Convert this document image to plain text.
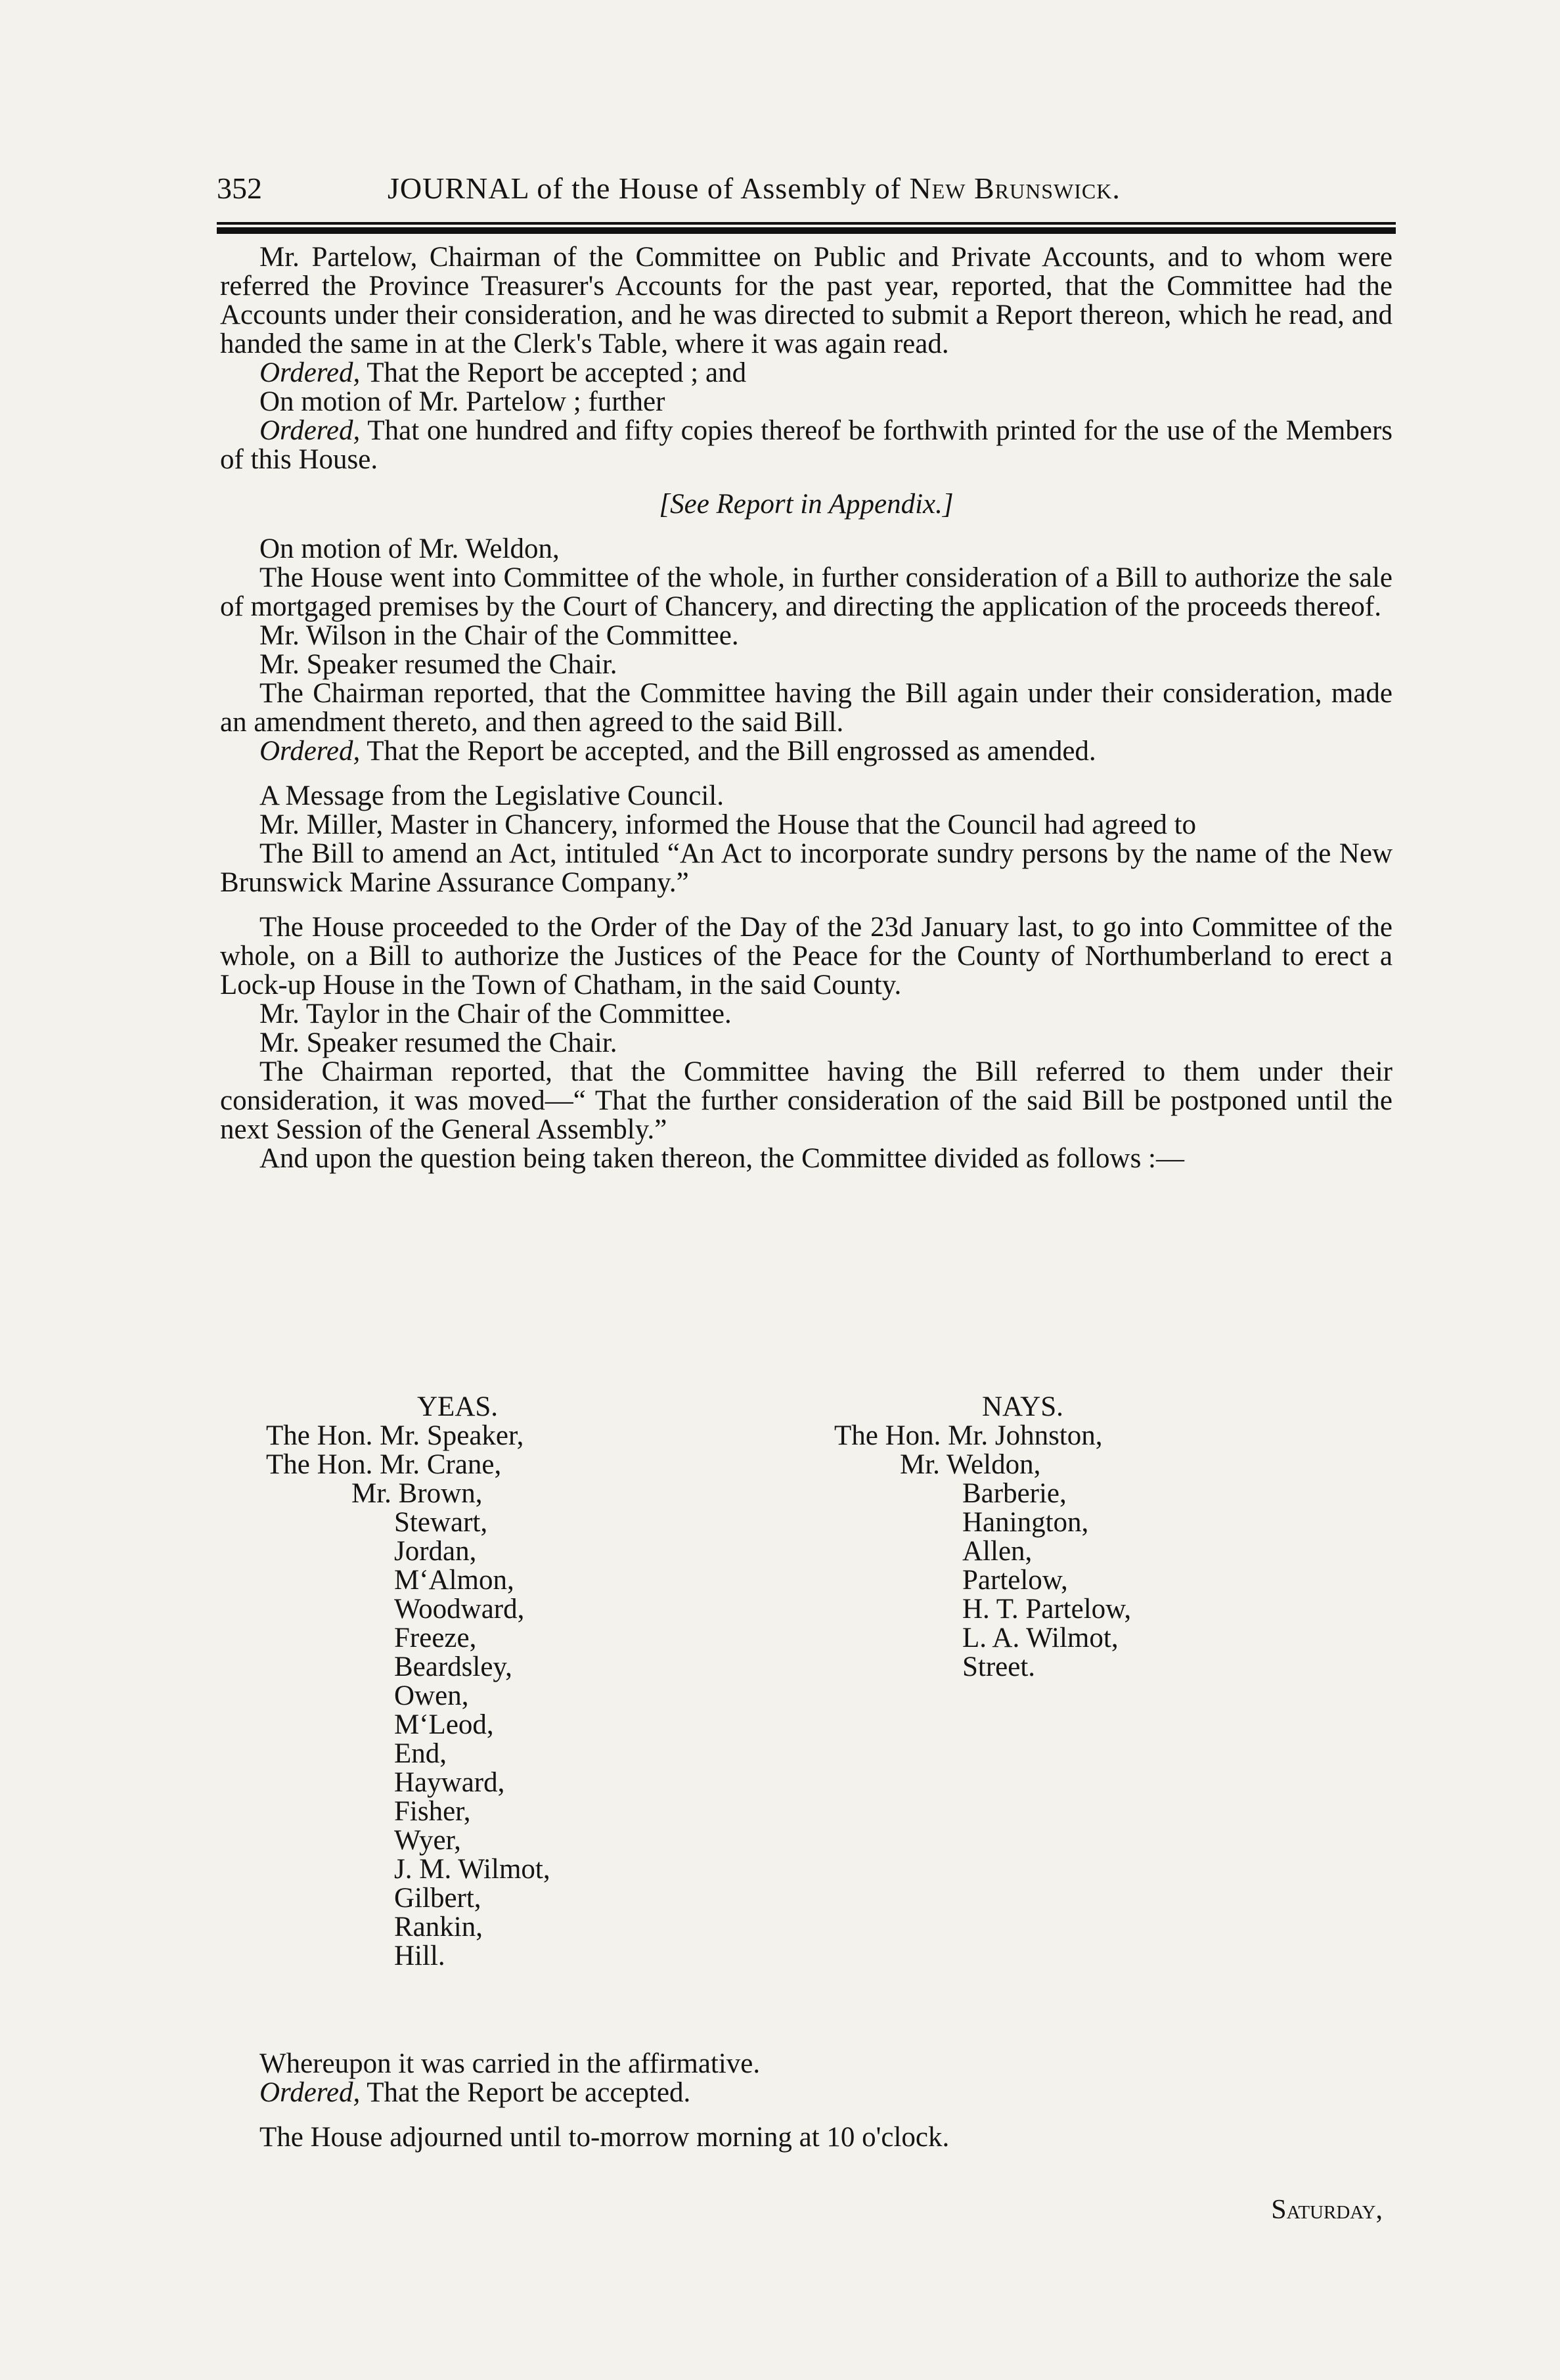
352	JOURNAL of the House of Assembly of New Brunswick.

Mr. Partelow, Chairman of the Committee on Public and Private Accounts, and to whom were referred the Province Treasurer's Accounts for the past year, reported, that the Committee had the Accounts under their consideration, and he was directed to submit a Report thereon, which he read, and handed the same in at the Clerk's Table, where it was again read.

Ordered, That the Report be accepted ; and

On motion of Mr. Partelow ; further

Ordered, That one hundred and fifty copies thereof be forthwith printed for the use of the Members of this House.

[See Report in Appendix.]

On motion of Mr. Weldon,

The House went into Committee of the whole, in further consideration of a Bill to authorize the sale of mortgaged premises by the Court of Chancery, and directing the application of the proceeds thereof.

Mr. Wilson in the Chair of the Committee.

Mr. Speaker resumed the Chair.

The Chairman reported, that the Committee having the Bill again under their consideration, made an amendment thereto, and then agreed to the said Bill.

Ordered, That the Report be accepted, and the Bill engrossed as amended.

A Message from the Legislative Council.

Mr. Miller, Master in Chancery, informed the House that the Council had agreed to

The Bill to amend an Act, intituled “An Act to incorporate sundry persons by the name of the New Brunswick Marine Assurance Company.”

The House proceeded to the Order of the Day of the 23d January last, to go into Committee of the whole, on a Bill to authorize the Justices of the Peace for the County of Northumberland to erect a Lock-up House in the Town of Chatham, in the said County.

Mr. Taylor in the Chair of the Committee.

Mr. Speaker resumed the Chair.

The Chairman reported, that the Committee having the Bill referred to them under their consideration, it was moved—“ That the further consideration of the said Bill be postponed until the next Session of the General Assembly.”

And upon the question being taken thereon, the Committee divided as follows :—

YEAS.
The Hon. Mr. Speaker,
The Hon. Mr. Crane,
Mr. Brown,
Stewart,
Jordan,
M‘Almon,
Woodward,
Freeze,
Beardsley,
Owen,
M‘Leod,
End,
Hayward,
Fisher,
Wyer,
J. M. Wilmot,
Gilbert,
Rankin,
Hill.
NAYS.
The Hon. Mr. Johnston,
Mr. Weldon,
Barberie,
Hanington,
Allen,
Partelow,
H. T. Partelow,
L. A. Wilmot,
Street.

Whereupon it was carried in the affirmative.

Ordered, That the Report be accepted.

The House adjourned until to-morrow morning at 10 o'clock.

Saturday,
